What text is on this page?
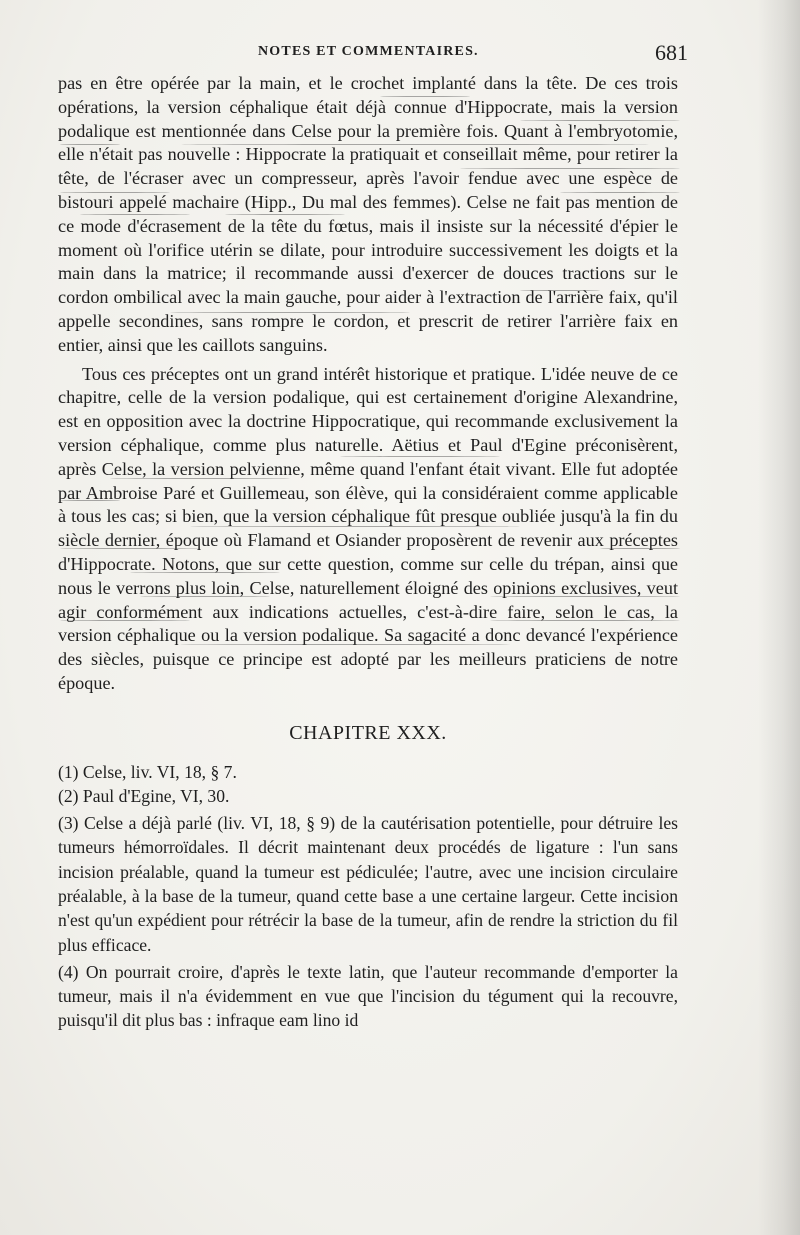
NOTES ET COMMENTAIRES.	681

pas en être opérée par la main, et le crochet implanté dans la tête. De ces trois opérations, la version céphalique était déjà connue d'Hippocrate, mais la version podalique est mentionnée dans Celse pour la première fois. Quant à l'embryotomie, elle n'était pas nouvelle : Hippocrate la pratiquait et conseillait même, pour retirer la tête, de l'écraser avec un compresseur, après l'avoir fendue avec une espèce de bistouri appelé machaire (Hipp., Du mal des femmes). Celse ne fait pas mention de ce mode d'écrasement de la tête du fœtus, mais il insiste sur la nécessité d'épier le moment où l'orifice utérin se dilate, pour introduire successivement les doigts et la main dans la matrice; il recommande aussi d'exercer de douces tractions sur le cordon ombilical avec la main gauche, pour aider à l'extraction de l'arrière faix, qu'il appelle secondines, sans rompre le cordon, et prescrit de retirer l'arrière faix en entier, ainsi que les caillots sanguins.

Tous ces préceptes ont un grand intérêt historique et pratique. L'idée neuve de ce chapitre, celle de la version podalique, qui est certainement d'origine Alexandrine, est en opposition avec la doctrine Hippocratique, qui recommande exclusivement la version céphalique, comme plus naturelle. Aëtius et Paul d'Egine préconisèrent, après Celse, la version pelvienne, même quand l'enfant était vivant. Elle fut adoptée par Ambroise Paré et Guillemeau, son élève, qui la considéraient comme applicable à tous les cas; si bien, que la version céphalique fût presque oubliée jusqu'à la fin du siècle dernier, époque où Flamand et Osiander proposèrent de revenir aux préceptes d'Hippocrate. Notons, que sur cette question, comme sur celle du trépan, ainsi que nous le verrons plus loin, Celse, naturellement éloigné des opinions exclusives, veut agir conformément aux indications actuelles, c'est-à-dire faire, selon le cas, la version céphalique ou la version podalique. Sa sagacité a donc devancé l'expérience des siècles, puisque ce principe est adopté par les meilleurs praticiens de notre époque.

CHAPITRE XXX.

(1) Celse, liv. VI, 18, § 7.

(2) Paul d'Egine, VI, 30.

(3) Celse a déjà parlé (liv. VI, 18, § 9) de la cautérisation potentielle, pour détruire les tumeurs hémorroïdales. Il décrit maintenant deux procédés de ligature : l'un sans incision préalable, quand la tumeur est pédiculée; l'autre, avec une incision circulaire préalable, à la base de la tumeur, quand cette base a une certaine largeur. Cette incision n'est qu'un expédient pour rétrécir la base de la tumeur, afin de rendre la striction du fil plus efficace.

(4) On pourrait croire, d'après le texte latin, que l'auteur recommande d'emporter la tumeur, mais il n'a évidemment en vue que l'incision du tégument qui la recouvre, puisqu'il dit plus bas : infraque eam lino id
